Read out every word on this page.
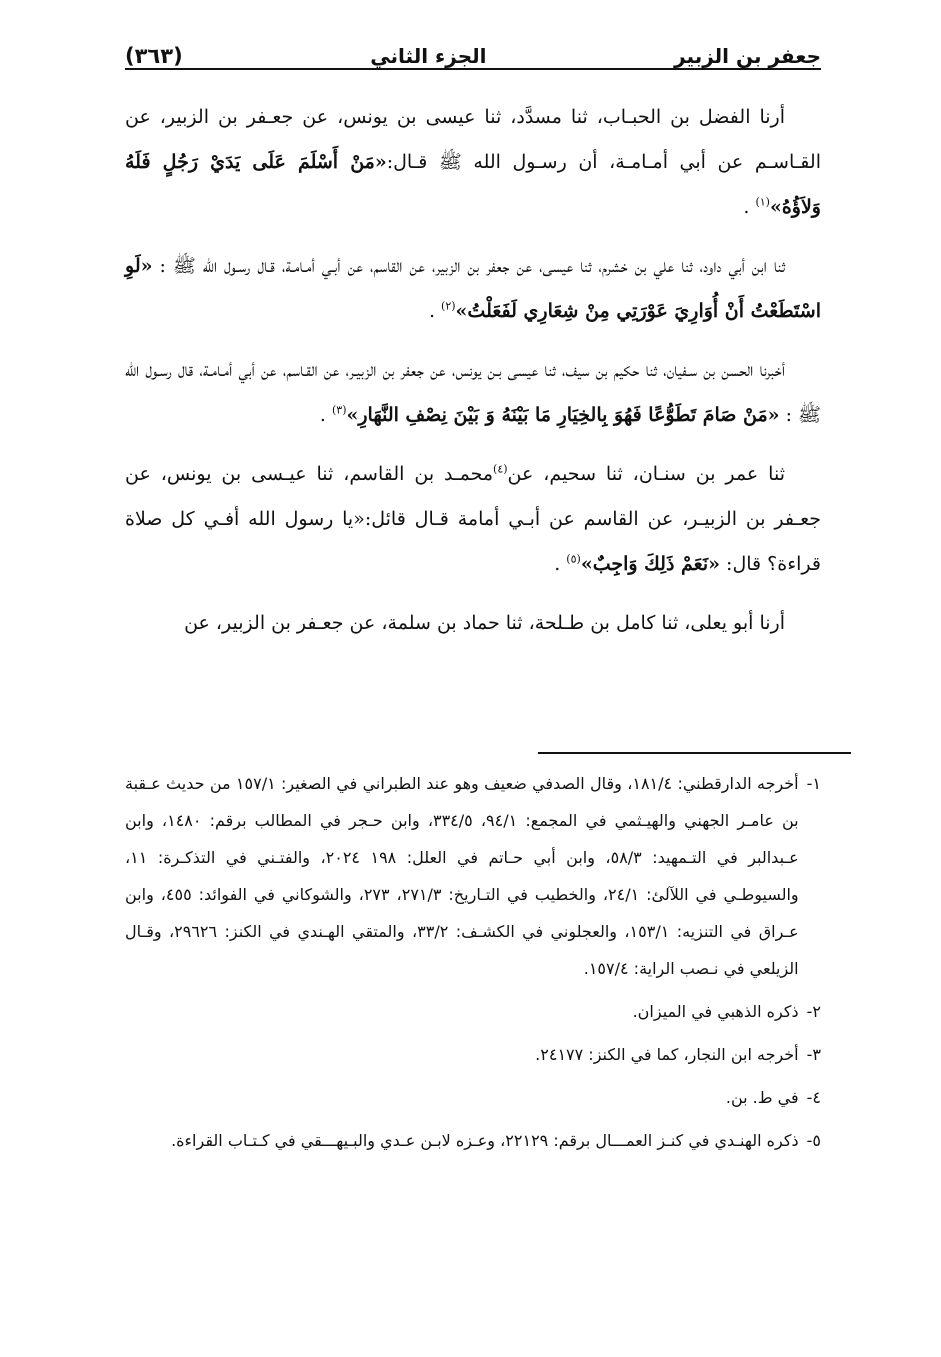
جعفر بن الزبير
الجزء الثاني
(٣٦٣)

أرنا الفضل بن الحبـاب، ثنا مسدَّد، ثنا عيسى بن يونس، عن جعـفر بن الزبير، عن القـاسـم عن أبي أمـامـة، أن رسـول الله ﷺ قـال:«مَنْ أَسْلَمَ عَلَى يَدَيْ رَجُلٍ فَلَهُ وَلاَؤُهُ»$^{(١)}$ .

ثنا ابن أبي داود، ثنا علي بن خشرم، ثنا عيسى، عن جعفر بن الزبير، عن القاسم، عن أبـي أمـامـة، قـال رسـول الله ﷺ : «لَوِ اسْتَطَعْتُ أَنْ أُوَارِيَ عَوْرَتِي مِنْ شِعَارِي لَفَعَلْتُ»$^{(٢)}$ .

أخبرنا الحسن بن سـفيان، ثنا حكيم بن سيف، ثنا عيسى بـن يونس، عن جعفر بن الزبيـر، عن القـاسم، عن أبي أمـامـة، قال رسـول الله ﷺ : «مَنْ صَامَ تَطَوُّعًا فَهُوَ بِالخِيَارِ مَا بَيْنَهُ وَ بَيْنَ نِصْفِ النَّهَارِ»$^{(٣)}$ .

ثنا عمر بن سنـان، ثنا سحيم، عن$^{(٤)}$محمـد بن القاسم، ثنا عيـسى بن يونس، عن جعـفر بن الزبيـر، عن القاسم عن أبـي أمامة قـال قائل:«يا رسول الله أفـي كل صلاة قراءة؟ قال: «نَعَمْ ذَلِكَ وَاجِبٌ»$^{(٥)}$ .

أرنا أبو يعلى، ثنا كامل بن طـلحة، ثنا حماد بن سلمة، عن جعـفر بن الزبير، عن

١-
أخرجه الدارقطني: ١٨١/٤، وقال الصدفي ضعيف وهو عند الطبراني في الصغير: ١٥٧/١ من حديث عـقبة بن عامـر الجهني والهيـثمي في المجمع: ٩٤/١، ٣٣٤/٥، وابن حـجر في المطالب برقم: ١٤٨٠، وابن عـبدالبر في التـمهيد: ٥٨/٣، وابن أبي حـاتم في العلل: ١٩٨ ٢٠٢٤، والفتـني في التذكـرة: ١١، والسيوطـي في اللآلئ: ٢٤/١، والخطيب في التـاريخ: ٢٧١/٣، ٢٧٣، والشوكاني في الفوائد: ٤٥٥، وابن عـراق في التنزيه: ١٥٣/١، والعجلوني في الكشـف: ٣٣/٢، والمتقي الهـندي في الكنز: ٢٩٦٢٦، وقـال الزيلعي في نـصب الراية: ١٥٧/٤.
٢-
ذكره الذهبي في الميزان.
٣-
أخرجه ابن النجار، كما في الكنز: ٢٤١٧٧.
٤-
في ط. بن.
٥-
ذكره الهنـدي في كنـز العمـــال برقم: ٢٢١٢٩، وعـزه لابـن عـدي والبـيهـــقي في كـتـاب القراءة.
